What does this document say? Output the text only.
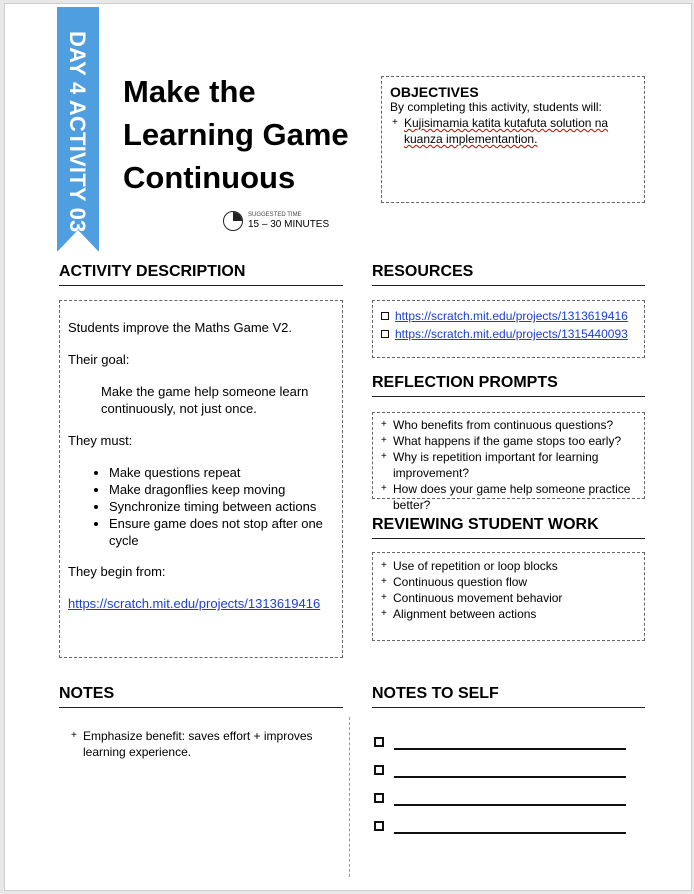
DAY 4 ACTIVITY 03 Make the
Learning Game
Continuous
SUGGESTED TIME
15 – 30 MINUTES
OBJECTIVES
By completing this activity, students will:
+ Kujisimamia katita kutafuta solution na kuanza implementantion.
ACTIVITY DESCRIPTION	RESOURCES

Students improve the Maths Game V2.

Their goal:

Make the game help someone learn continuously, not just once.

They must:

• Make questions repeat
• Make dragonflies keep moving
• Synchronize timing between actions
• Ensure game does not stop after one cycle

They begin from:

https://scratch.mit.edu/projects/1313619416

https://scratch.mit.edu/projects/1313619416
https://scratch.mit.edu/projects/1315440093
REFLECTION PROMPTS
+ Who benefits from continuous questions?
+ What happens if the game stops too early?
+ Why is repetition important for learning improvement?
+ How does your game help someone practice better?
REVIEWING STUDENT WORK
+ Use of repetition or loop blocks
+ Continuous question flow
+ Continuous movement behavior
+ Alignment between actions
NOTES	NOTES TO SELF
+ Emphasize benefit: saves effort + improves learning experience.
